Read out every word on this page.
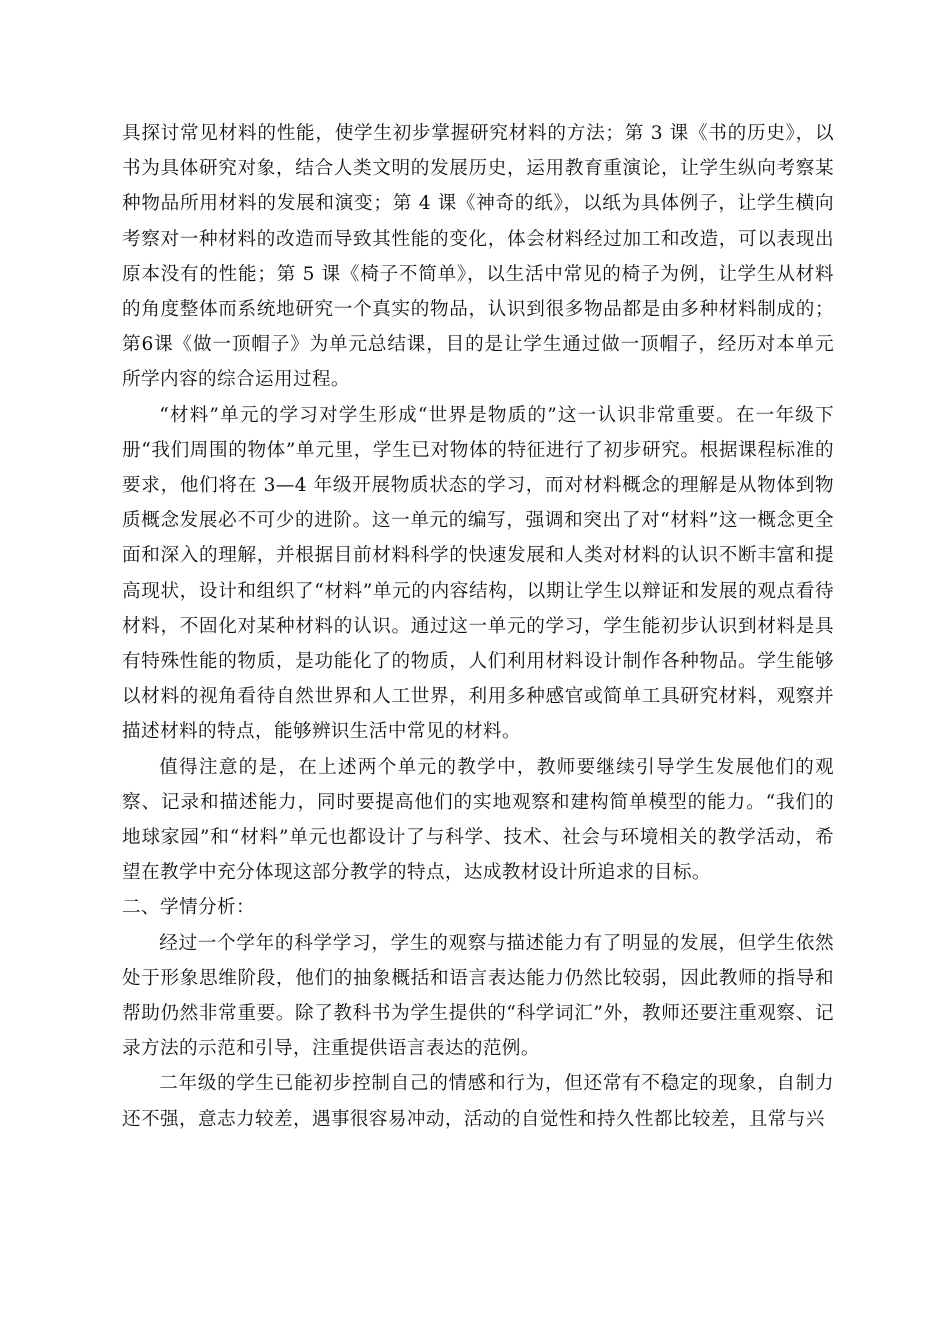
具探讨常见材料的性能，使学生初步掌握研究材料的方法；第 3 课《书的历史》，以书为具体研究对象，结合人类文明的发展历史，运用教育重演论，让学生纵向考察某种物品所用材料的发展和演变；第 4 课《神奇的纸》，以纸为具体例子，让学生横向考察对一种材料的改造而导致其性能的变化，体会材料经过加工和改造，可以表现出原本没有的性能；第 5 课《椅子不简单》，以生活中常见的椅子为例，让学生从材料的角度整体而系统地研究一个真实的物品，认识到很多物品都是由多种材料制成的；第6课《做一顶帽子》为单元总结课，目的是让学生通过做一顶帽子，经历对本单元所学内容的综合运用过程。

“材料”单元的学习对学生形成“世界是物质的”这一认识非常重要。在一年级下册“我们周围的物体”单元里，学生已对物体的特征进行了初步研究。根据课程标准的要求，他们将在 3—4 年级开展物质状态的学习，而对材料概念的理解是从物体到物质概念发展必不可少的进阶。这一单元的编写，强调和突出了对“材料”这一概念更全面和深入的理解，并根据目前材料科学的快速发展和人类对材料的认识不断丰富和提高现状，设计和组织了“材料”单元的内容结构，以期让学生以辩证和发展的观点看待材料，不固化对某种材料的认识。通过这一单元的学习，学生能初步认识到材料是具有特殊性能的物质，是功能化了的物质，人们利用材料设计制作各种物品。学生能够以材料的视角看待自然世界和人工世界，利用多种感官或简单工具研究材料，观察并描述材料的特点，能够辨识生活中常见的材料。

值得注意的是，在上述两个单元的教学中，教师要继续引导学生发展他们的观察、记录和描述能力，同时要提高他们的实地观察和建构简单模型的能力。“我们的地球家园”和“材料”单元也都设计了与科学、技术、社会与环境相关的教学活动，希望在教学中充分体现这部分教学的特点，达成教材设计所追求的目标。

二、学情分析：

经过一个学年的科学学习，学生的观察与描述能力有了明显的发展，但学生依然处于形象思维阶段，他们的抽象概括和语言表达能力仍然比较弱，因此教师的指导和帮助仍然非常重要。除了教科书为学生提供的“科学词汇”外，教师还要注重观察、记录方法的示范和引导，注重提供语言表达的范例。

二年级的学生已能初步控制自己的情感和行为，但还常有不稳定的现象，自制力还不强，意志力较差，遇事很容易冲动，活动的自觉性和持久性都比较差，且常与兴
